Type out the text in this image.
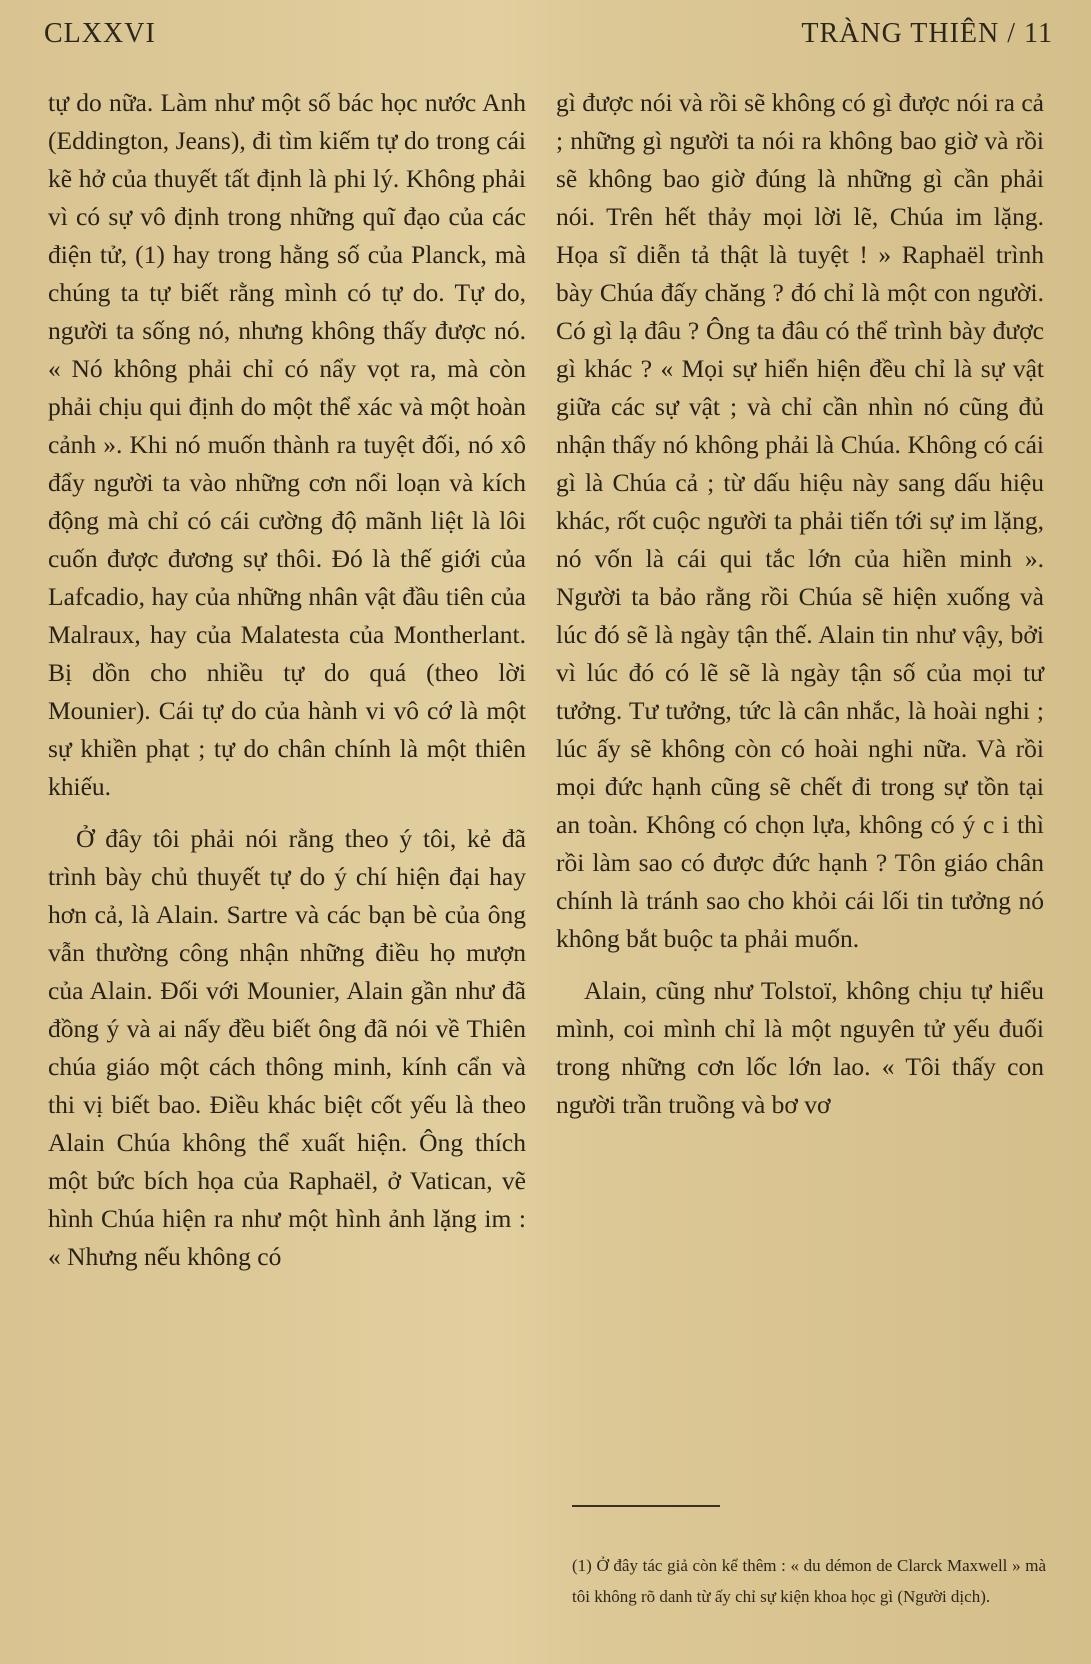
CLXXVI	TRÀNG THIÊN / 11

tự do nữa. Làm như một số bác học nước Anh (Eddington, Jeans), đi tìm kiếm tự do trong cái kẽ hở của thuyết tất định là phi lý. Không phải vì có sự vô định trong những quĩ đạo của các điện tử, (1) hay trong hằng số của Planck, mà chúng ta tự biết rằng mình có tự do. Tự do, người ta sống nó, nhưng không thấy được nó. « Nó không phải chỉ có nẩy vọt ra, mà còn phải chịu qui định do một thể xác và một hoàn cảnh ». Khi nó muốn thành ra tuyệt đối, nó xô đẩy người ta vào những cơn nổi loạn và kích động mà chỉ có cái cường độ mãnh liệt là lôi cuốn được đương sự thôi. Đó là thế giới của Lafcadio, hay của những nhân vật đầu tiên của Malraux, hay của Malatesta của Montherlant. Bị dồn cho nhiều tự do quá (theo lời Mounier). Cái tự do của hành vi vô cớ là một sự khiền phạt ; tự do chân chính là một thiên khiếu.

Ở đây tôi phải nói rằng theo ý tôi, kẻ đã trình bày chủ thuyết tự do ý chí hiện đại hay hơn cả, là Alain. Sartre và các bạn bè của ông vẫn thường công nhận những điều họ mượn của Alain. Đối với Mounier, Alain gần như đã đồng ý và ai nấy đều biết ông đã nói về Thiên chúa giáo một cách thông minh, kính cẩn và thi vị biết bao. Điều khác biệt cốt yếu là theo Alain Chúa không thể xuất hiện. Ông thích một bức bích họa của Raphaël, ở Vatican, vẽ hình Chúa hiện ra như một hình ảnh lặng im : « Nhưng nếu không có

gì được nói và rồi sẽ không có gì được nói ra cả ; những gì người ta nói ra không bao giờ và rồi sẽ không bao giờ đúng là những gì cần phải nói. Trên hết thảy mọi lời lẽ, Chúa im lặng. Họa sĩ diễn tả thật là tuyệt ! » Raphaël trình bày Chúa đấy chăng ? đó chỉ là một con người. Có gì lạ đâu ? Ông ta đâu có thể trình bày được gì khác ? « Mọi sự hiển hiện đều chỉ là sự vật giữa các sự vật ; và chỉ cần nhìn nó cũng đủ nhận thấy nó không phải là Chúa. Không có cái gì là Chúa cả ; từ dấu hiệu này sang dấu hiệu khác, rốt cuộc người ta phải tiến tới sự im lặng, nó vốn là cái qui tắc lớn của hiền minh ». Người ta bảo rằng rồi Chúa sẽ hiện xuống và lúc đó sẽ là ngày tận thế. Alain tin như vậy, bởi vì lúc đó có lẽ sẽ là ngày tận số của mọi tư tưởng. Tư tưởng, tức là cân nhắc, là hoài nghi ; lúc ấy sẽ không còn có hoài nghi nữa. Và rồi mọi đức hạnh cũng sẽ chết đi trong sự tồn tại an toàn. Không có chọn lựa, không có ý c i thì rồi làm sao có được đức hạnh ? Tôn giáo chân chính là tránh sao cho khỏi cái lối tin tưởng nó không bắt buộc ta phải muốn.

Alain, cũng như Tolstoï, không chịu tự hiểu mình, coi mình chỉ là một nguyên tử yếu đuối trong những cơn lốc lớn lao. « Tôi thấy con người trần truồng và bơ vơ

(1) Ở đây tác giả còn kể thêm : « du démon de Clarck Maxwell » mà tôi không rõ danh từ ấy chỉ sự kiện khoa học gì (Người dịch).
